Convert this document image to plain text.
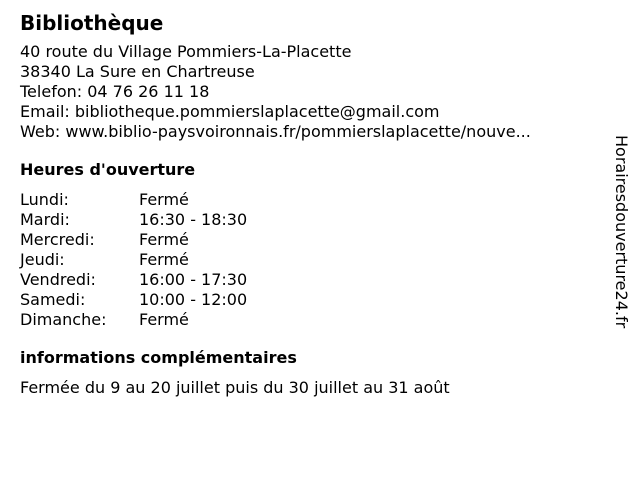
Bibliothèque
40 route du Village Pommiers-La-Placette
38340 La Sure en Chartreuse
Telefon: 04 76 26 11 18
Email: bibliotheque.pommierslaplacette@gmail.com
Web: www.biblio-paysvoironnais.fr/pommierslaplacette/nouve...
Heures d'ouverture
Lundi:	Fermé
Mardi:	16:30 - 18:30
Mercredi:	Fermé
Jeudi:	Fermé
Vendredi:	16:00 - 17:30
Samedi:	10:00 - 12:00
Dimanche:	Fermé
informations complémentaires
Fermée du 9 au 20 juillet puis du 30 juillet au 31 août
Horairesdouverture24.fr
